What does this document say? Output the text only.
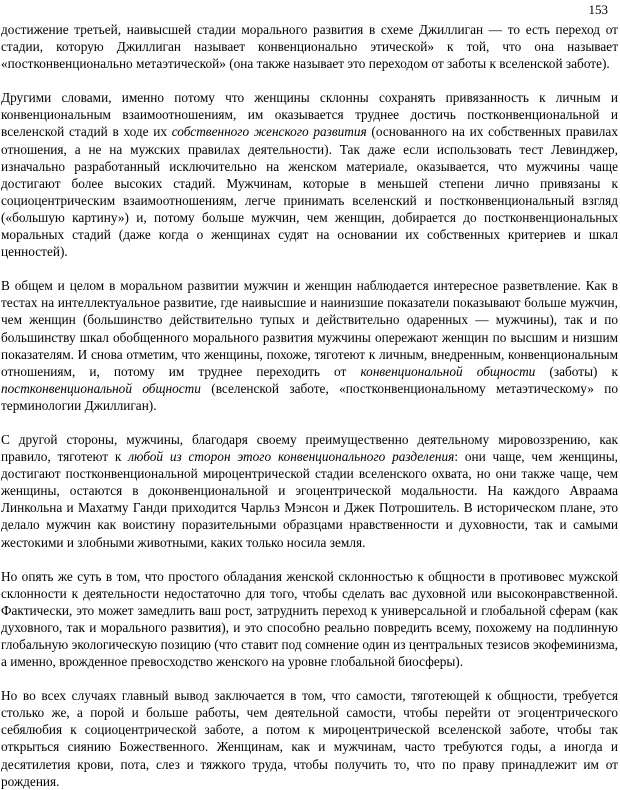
153

достижение третьей, наивысшей стадии морального развития в схеме Джиллиган — то есть переход от стадии, которую Джиллиган называет конвенционально этической» к той, что она называет «постконвенционально метаэтической» (она также называет это переходом от заботы к вселенской заботе).

Другими словами, именно потому что женщины склонны сохранять привязанность к личным и конвенциональным взаимоотношениям, им оказывается труднее достичь постконвенциональной и вселенской стадий в ходе их собственного женского развития (основанного на их собственных правилах отношения, а не на мужских правилах деятельности). Так даже если использовать тест Левинджер, изначально разработанный исключительно на женском материале, оказывается, что мужчины чаще достигают более высоких стадий. Мужчинам, которые в меньшей степени лично привязаны к социоцентрическим взаимоотношениям, легче принимать вселенский и постконвенциональный взгляд («большую картину») и, потому больше мужчин, чем женщин, добирается до постконвенциональных моральных стадий (даже когда о женщинах судят на основании их собственных критериев и шкал ценностей).

В общем и целом в моральном развитии мужчин и женщин наблюдается интересное разветвление. Как в тестах на интеллектуальное развитие, где наивысшие и наинизшие показатели показывают больше мужчин, чем женщин (большинство действительно тупых и действительно одаренных — мужчины), так и по большинству шкал обобщенного морального развития мужчины опережают женщин по высшим и низшим показателям. И снова отметим, что женщины, похоже, тяготеют к личным, внедренным, конвенциональным отношениям, и, потому им труднее переходить от конвенциональной общности (заботы) к постконвенциональной общности (вселенской заботе, «постконвенциональному метаэтическому» по терминологии Джиллиган).

С другой стороны, мужчины, благодаря своему преимущественно деятельному мировоззрению, как правило, тяготеют к любой из сторон этого конвенционального разделения: они чаще, чем женщины, достигают постконвенциональной мироцентрической стадии вселенского охвата, но они также чаще, чем женщины, остаются в доконвенциональной и эгоцентрической модальности. На каждого Авраама Линкольна и Махатму Ганди приходится Чарльз Мэнсон и Джек Потрошитель. В историческом плане, это делало мужчин как воистину поразительными образцами нравственности и духовности, так и самыми жестокими и злобными животными, каких только носила земля.

Но опять же суть в том, что простого обладания женской склонностью к общности в противовес мужской склонности к деятельности недостаточно для того, чтобы сделать вас духовной или высоконравственной. Фактически, это может замедлить ваш рост, затруднить переход к универсальной и глобальной сферам (как духовного, так и морального развития), и это способно реально повредить всему, похожему на подлинную глобальную экологическую позицию (что ставит под сомнение один из центральных тезисов экофеминизма, а именно, врожденное превосходство женского на уровне глобальной биосферы).

Но во всех случаях главный вывод заключается в том, что самости, тяготеющей к общности, требуется столько же, а порой и больше работы, чем деятельной самости, чтобы перейти от эгоцентрического себялюбия к социоцентрической заботе, а потом к мироцентрической вселенской заботе, чтобы так открыться сиянию Божественного. Женщинам, как и мужчинам, часто требуются годы, а иногда и десятилетия крови, пота, слез и тяжкого труда, чтобы получить то, что по праву принадлежит им от рождения.
